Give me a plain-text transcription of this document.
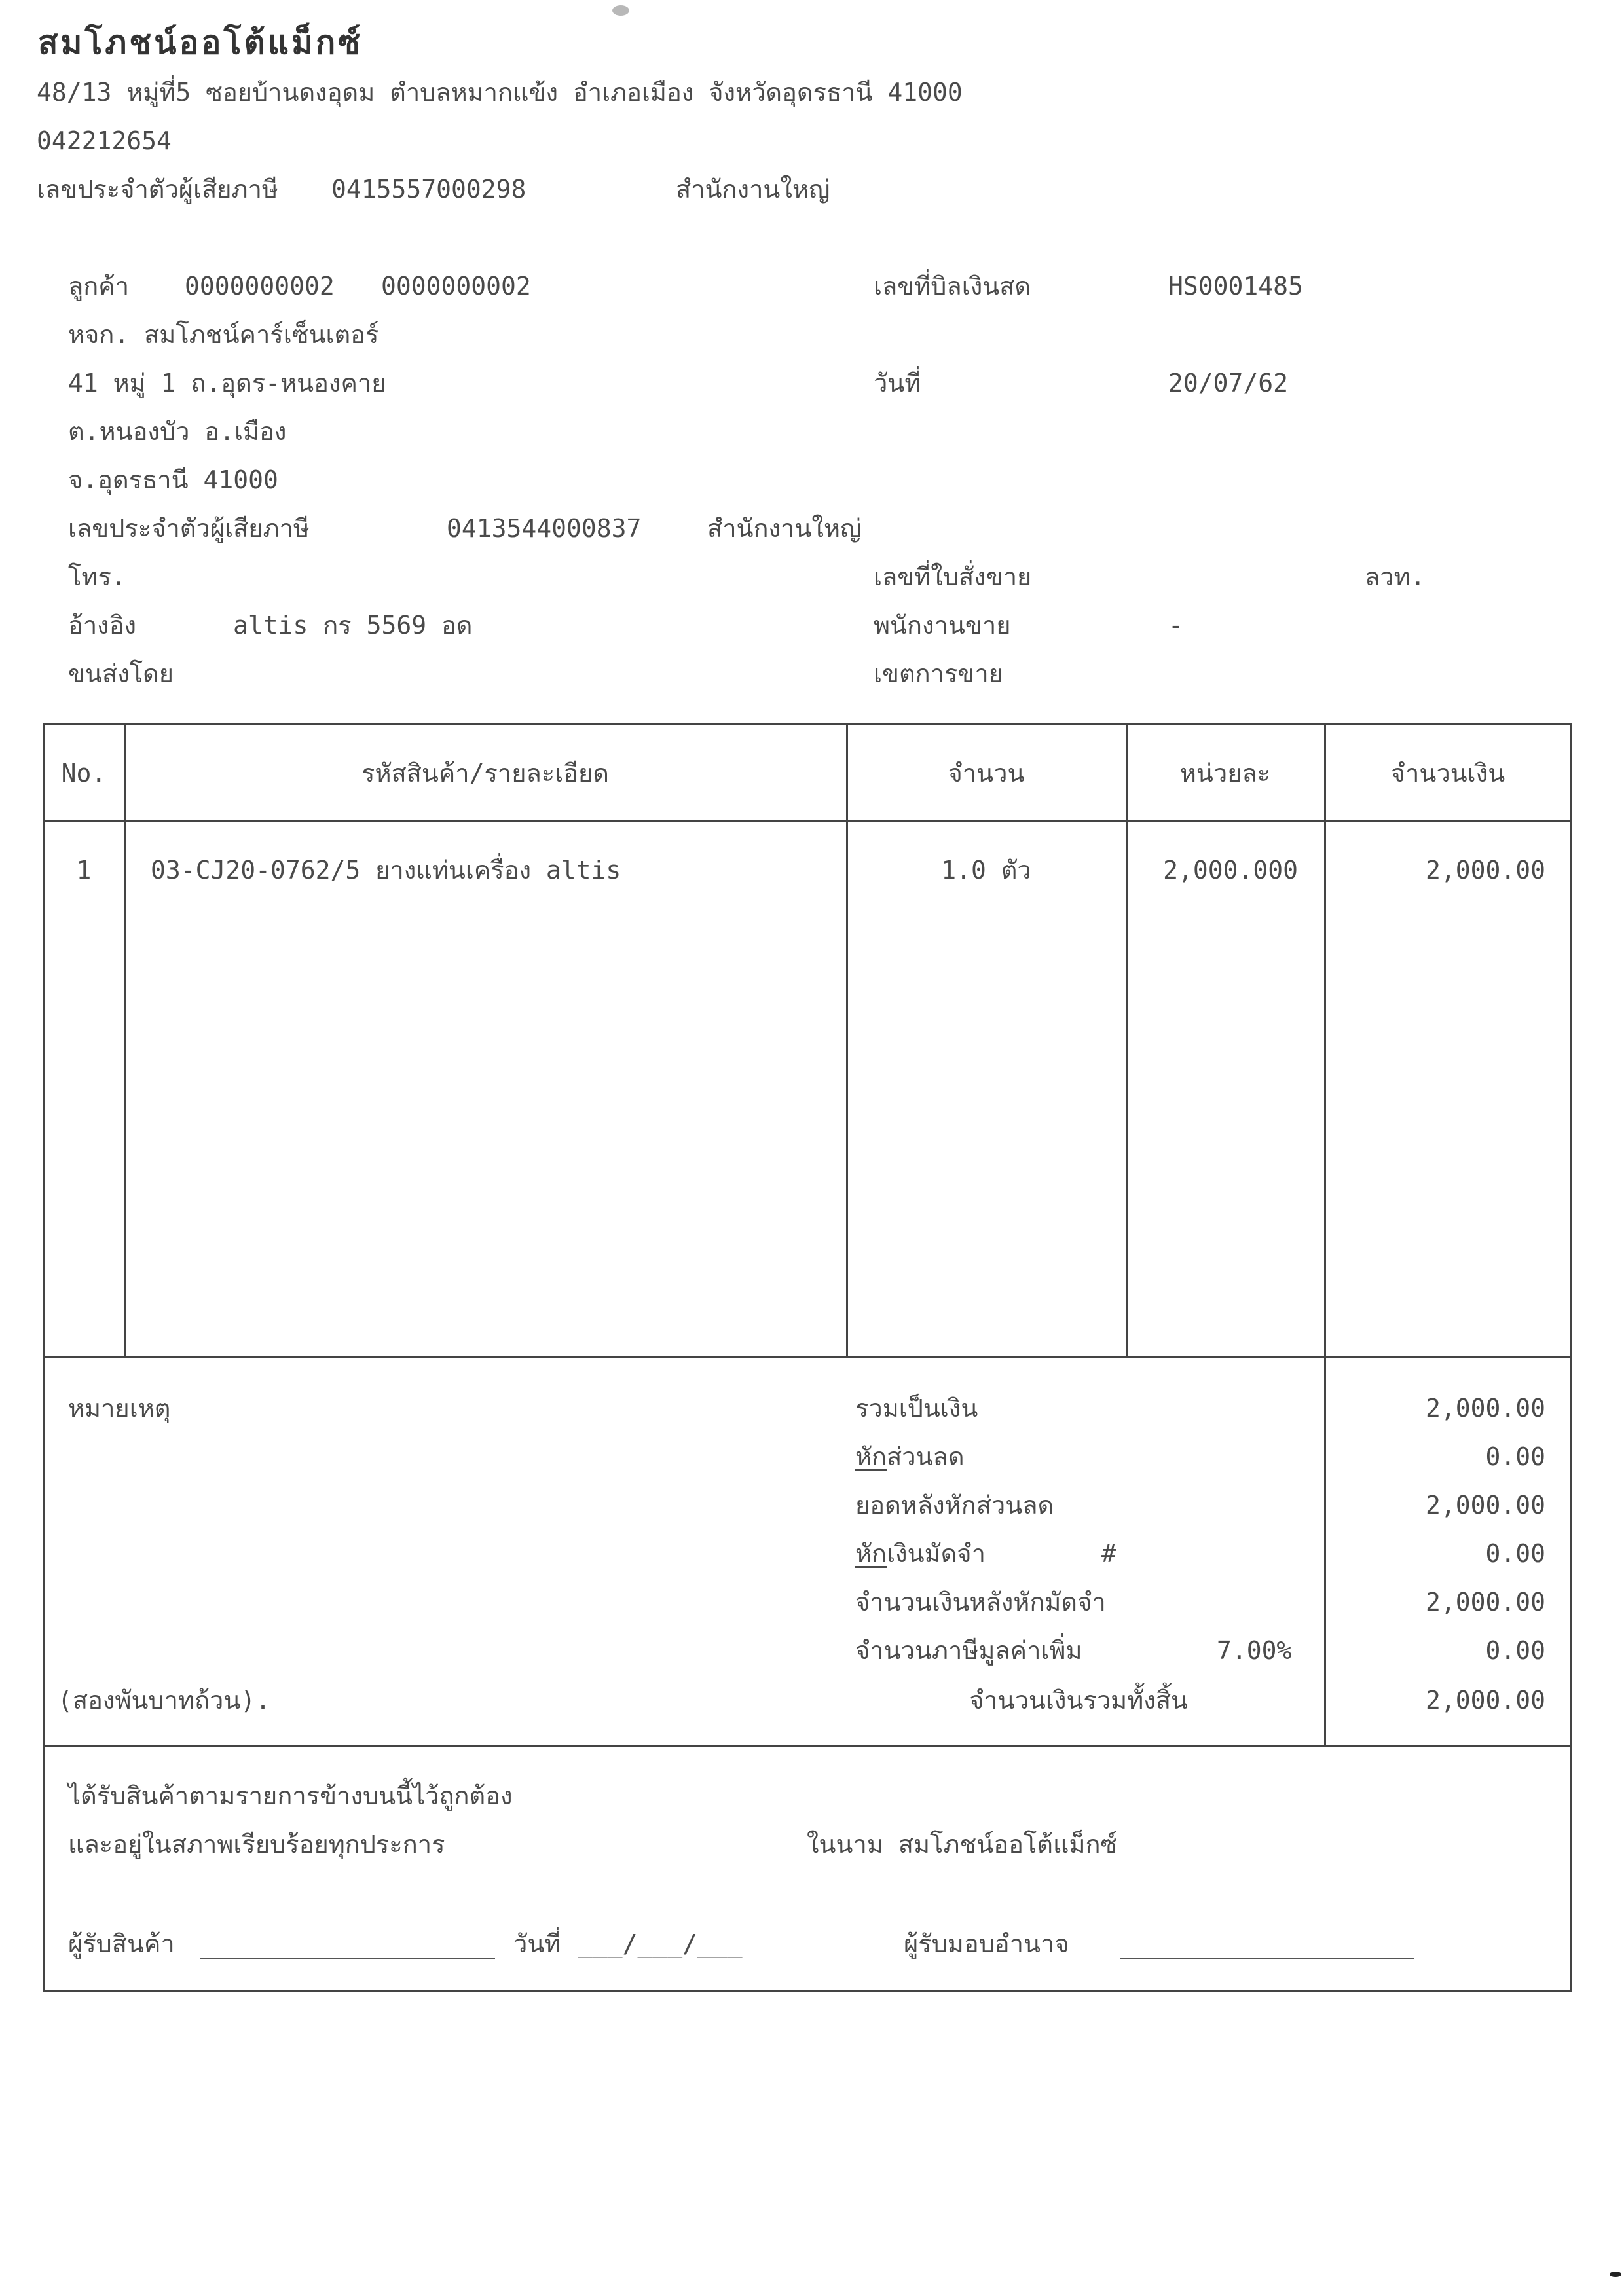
สมโภชน์ออโต้แม็กซ์
48/13 หมู่ที่5 ซอยบ้านดงอุดม ตำบลหมากแข้ง อำเภอเมือง จังหวัดอุดรธานี 41000
042212654
เลขประจำตัวผู้เสียภาษี 0415557000298	สำนักงานใหญ่
ลูกค้า 0000000002 0000000002
หจก. สมโภชน์คาร์เซ็นเตอร์
41 หมู่ 1 ถ.อุดร-หนองคาย
ต.หนองบัว อ.เมือง
จ.อุดรธานี 41000
เลขประจำตัวผู้เสียภาษี	0413544000837	สำนักงานใหญ่
โทร.
อ้างอิง	altis กร 5569 อด
ขนส่งโดย
เลขที่บิลเงินสด	HS0001485
วันที่	20/07/62
เลขที่ใบสั่งขาย	ลวท.
พนักงานขาย	-
เขตการขาย
No.	รหัสสินค้า/รายละเอียด	จำนวน	หน่วยละ	จำนวนเงิน
1	03-CJ20-0762/5 ยางแท่นเครื่อง altis	1.0 ตัว	2,000.000	2,000.00
หมายเหตุ
(สองพันบาทถ้วน).
รวมเป็นเงิน	2,000.00
หักส่วนลด	0.00
ยอดหลังหักส่วนลด	2,000.00
หักเงินมัดจำ	#	0.00
จำนวนเงินหลังหักมัดจำ	2,000.00
จำนวนภาษีมูลค่าเพิ่ม	7.00%	0.00
จำนวนเงินรวมทั้งสิ้น	2,000.00
ได้รับสินค้าตามรายการข้างบนนี้ไว้ถูกต้อง
และอยู่ในสภาพเรียบร้อยทุกประการ	ในนาม สมโภชน์ออโต้แม็กซ์
ผู้รับสินค้า	วันที่ ___/___/___	ผู้รับมอบอำนาจ
